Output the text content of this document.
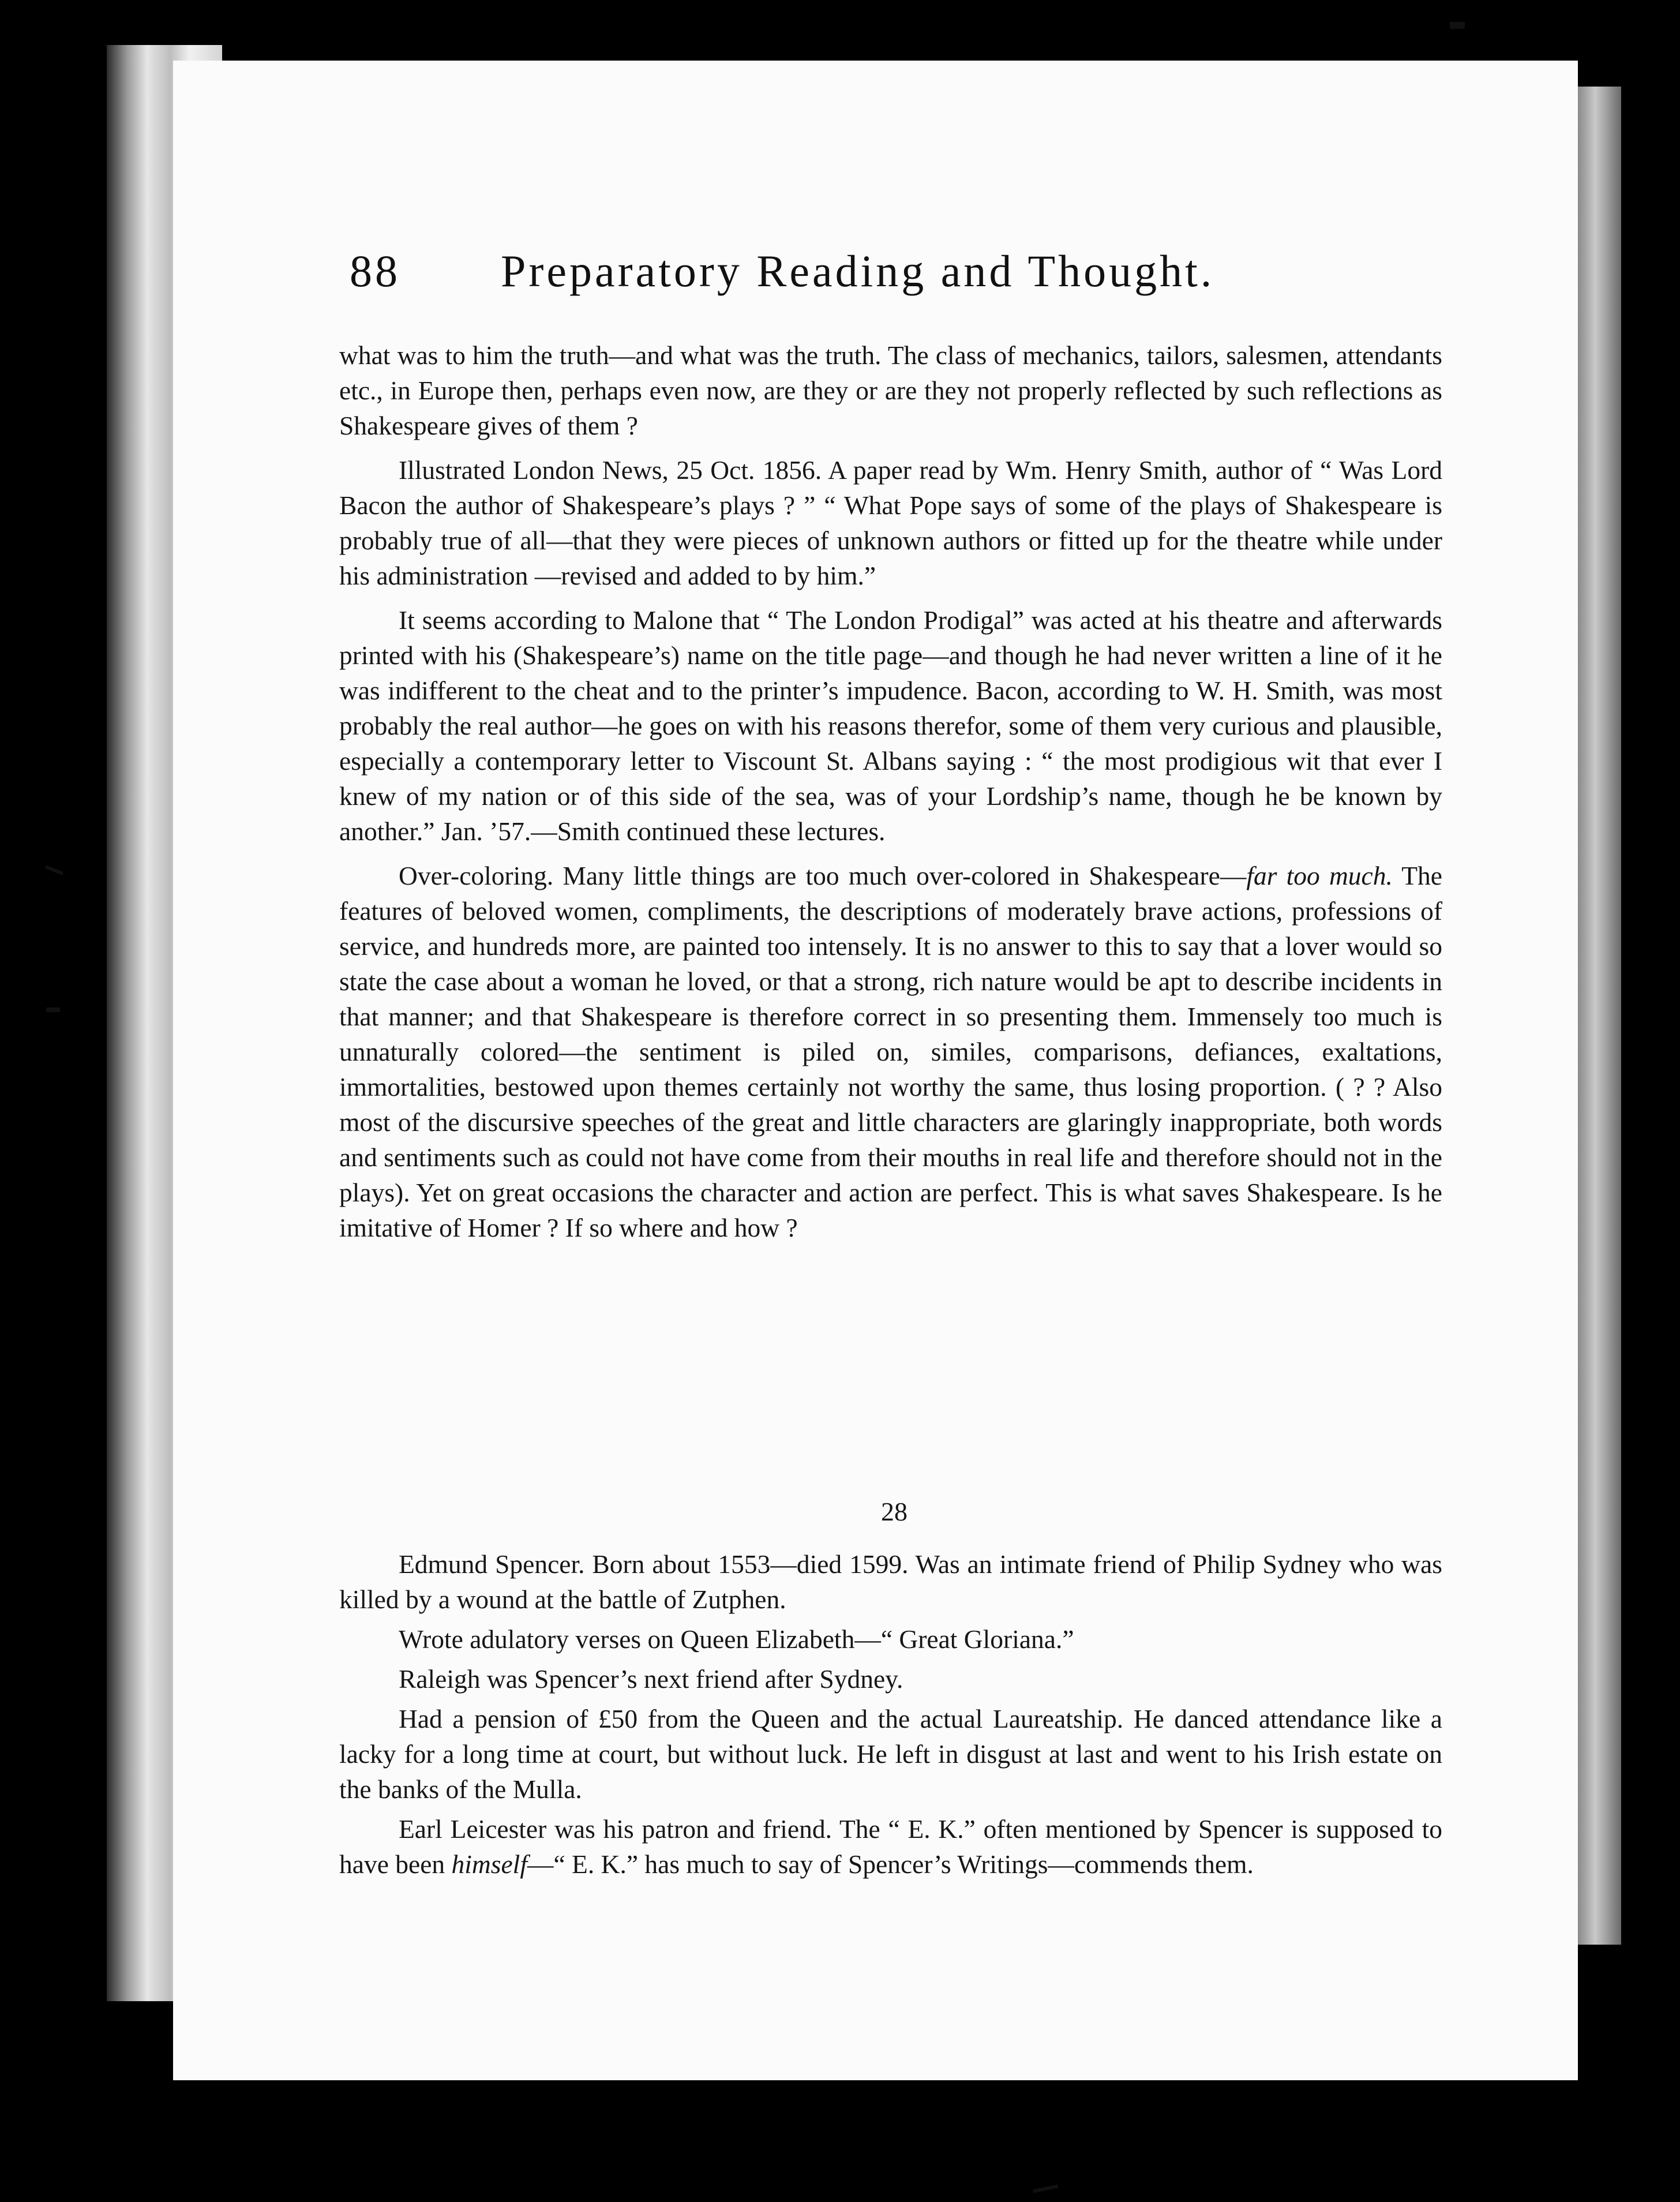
88 Preparatory Reading and Thought.

what was to him the truth—and what was the truth. The class of mechanics, tailors, salesmen, attendants etc., in Europe then, perhaps even now, are they or are they not properly reflected by such reflections as Shakespeare gives of them ?

Illustrated London News, 25 Oct. 1856. A paper read by Wm. Henry Smith, author of “ Was Lord Bacon the author of Shakespeare’s plays ? ” “ What Pope says of some of the plays of Shakespeare is probably true of all—that they were pieces of unknown authors or fitted up for the theatre while under his administration —revised and added to by him.”

It seems according to Malone that “ The London Prodigal” was acted at his theatre and afterwards printed with his (Shakespeare’s) name on the title page—and though he had never written a line of it he was indifferent to the cheat and to the printer’s impudence. Bacon, according to W. H. Smith, was most probably the real author—he goes on with his reasons therefor, some of them very curious and plausible, especially a contemporary letter to Viscount St. Albans saying : “ the most prodigious wit that ever I knew of my nation or of this side of the sea, was of your Lordship’s name, though he be known by another.” Jan. ’57.—Smith continued these lectures.

Over-coloring. Many little things are too much over-colored in Shakespeare—far too much. The features of beloved women, compliments, the descriptions of moderately brave actions, professions of service, and hundreds more, are painted too intensely. It is no answer to this to say that a lover would so state the case about a woman he loved, or that a strong, rich nature would be apt to describe incidents in that manner; and that Shakespeare is therefore correct in so presenting them. Immensely too much is unnaturally colored—the sentiment is piled on, similes, comparisons, defiances, exaltations, immortalities, bestowed upon themes certainly not worthy the same, thus losing proportion. ( ? ? Also most of the discursive speeches of the great and little characters are glaringly inappropriate, both words and sentiments such as could not have come from their mouths in real life and therefore should not in the plays). Yet on great occasions the character and action are perfect. This is what saves Shakespeare. Is he imitative of Homer ? If so where and how ?

28

Edmund Spencer. Born about 1553—died 1599. Was an intimate friend of Philip Sydney who was killed by a wound at the battle of Zutphen.

Wrote adulatory verses on Queen Elizabeth—“ Great Gloriana.”

Raleigh was Spencer’s next friend after Sydney.

Had a pension of £50 from the Queen and the actual Laureatship. He danced attendance like a lacky for a long time at court, but without luck. He left in disgust at last and went to his Irish estate on the banks of the Mulla.

Earl Leicester was his patron and friend. The “ E. K.” often mentioned by Spencer is supposed to have been himself—“ E. K.” has much to say of Spencer’s Writings—commends them.
